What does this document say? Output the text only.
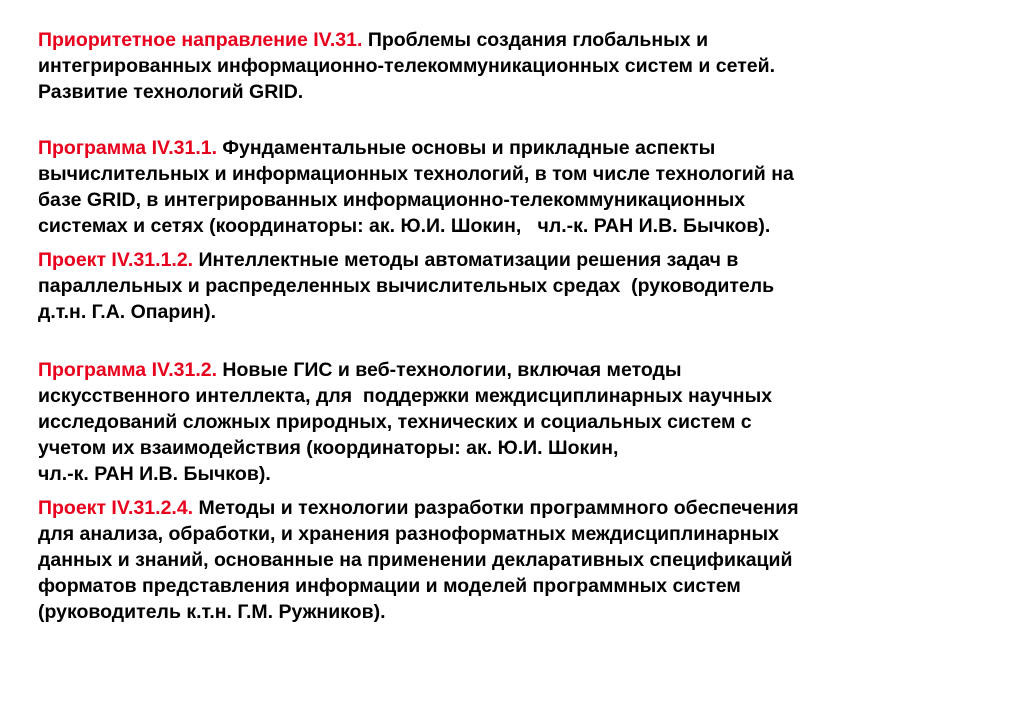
Приоритетное направление IV.31. Проблемы создания глобальных и
интегрированных информационно-телекоммуникационных систем и сетей.
Развитие технологий GRID.

Программа IV.31.1. Фундаментальные основы и прикладные аспекты
вычислительных и информационных технологий, в том числе технологий на
базе GRID, в интегрированных информационно-телекоммуникационных
системах и сетях (координаторы: ак. Ю.И. Шокин,   чл.-к. РАН И.В. Бычков).

Проект IV.31.1.2. Интеллектные методы автоматизации решения задач в
параллельных и распределенных вычислительных средах  (руководитель
д.т.н. Г.А. Опарин).

Программа IV.31.2. Новые ГИС и веб-технологии, включая методы
искусственного интеллекта, для  поддержки междисциплинарных научных
исследований сложных природных, технических и социальных систем с
учетом их взаимодействия (координаторы: ак. Ю.И. Шокин,
чл.-к. РАН И.В. Бычков).

Проект IV.31.2.4. Методы и технологии разработки программного обеспечения
для анализа, обработки, и хранения разноформатных междисциплинарных
данных и знаний, основанные на применении декларативных спецификаций
форматов представления информации и моделей программных систем
(руководитель к.т.н. Г.М. Ружников).
